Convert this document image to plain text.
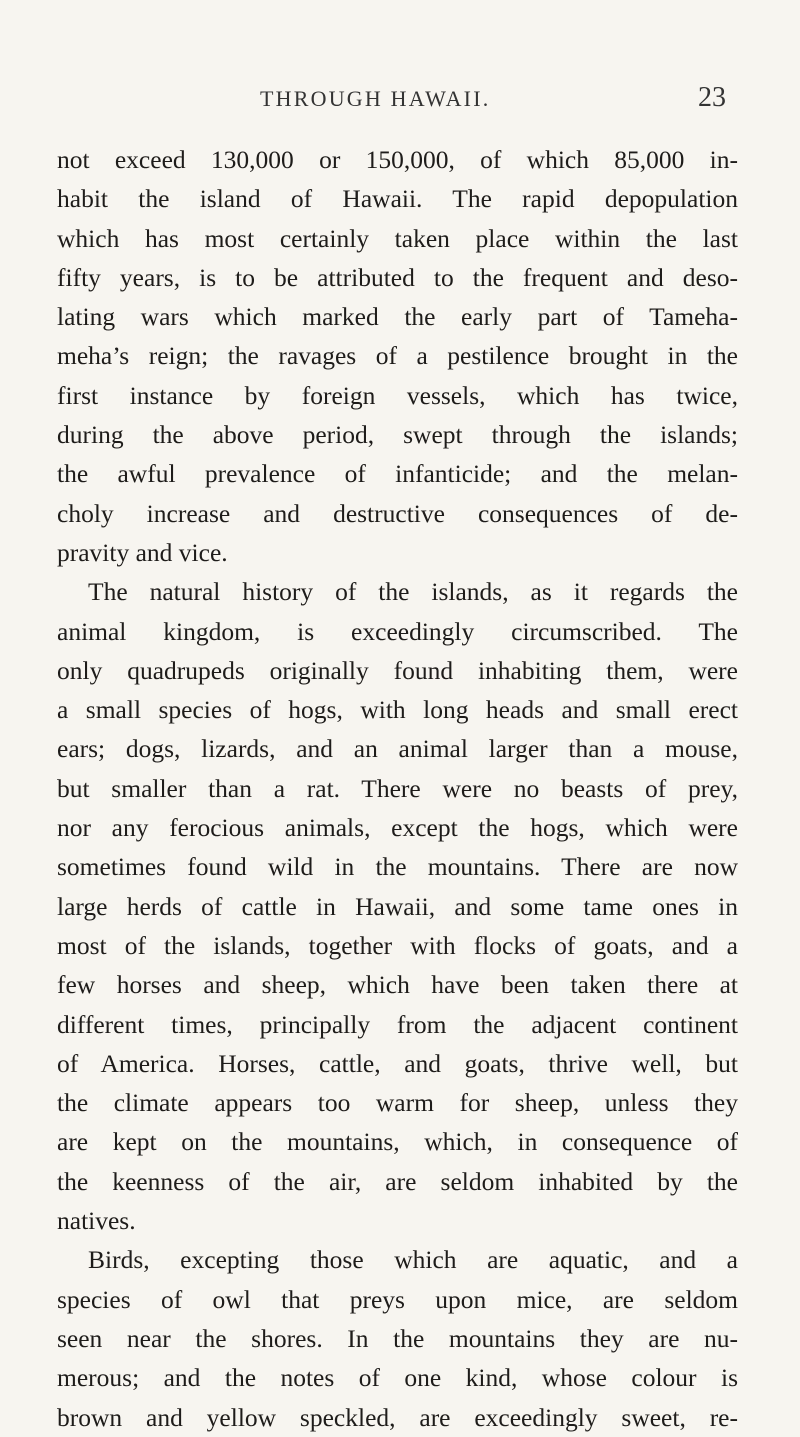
THROUGH HAWAII.	23
not exceed 130,000 or 150,000, of which 85,000 in-
habit the island of Hawaii. The rapid depopulation
which has most certainly taken place within the last
fifty years, is to be attributed to the frequent and deso-
lating wars which marked the early part of Tameha-
meha’s reign; the ravages of a pestilence brought in the
first instance by foreign vessels, which has twice,
during the above period, swept through the islands;
the awful prevalence of infanticide; and the melan-
choly increase and destructive consequences of de-
pravity and vice.
The natural history of the islands, as it regards the
animal kingdom, is exceedingly circumscribed. The
only quadrupeds originally found inhabiting them, were
a small species of hogs, with long heads and small erect
ears; dogs, lizards, and an animal larger than a mouse,
but smaller than a rat. There were no beasts of prey,
nor any ferocious animals, except the hogs, which were
sometimes found wild in the mountains. There are now
large herds of cattle in Hawaii, and some tame ones in
most of the islands, together with flocks of goats, and a
few horses and sheep, which have been taken there at
different times, principally from the adjacent continent
of America. Horses, cattle, and goats, thrive well, but
the climate appears too warm for sheep, unless they
are kept on the mountains, which, in consequence of
the keenness of the air, are seldom inhabited by the
natives.
Birds, excepting those which are aquatic, and a
species of owl that preys upon mice, are seldom
seen near the shores. In the mountains they are nu-
merous; and the notes of one kind, whose colour is
brown and yellow speckled, are exceedingly sweet, re-
